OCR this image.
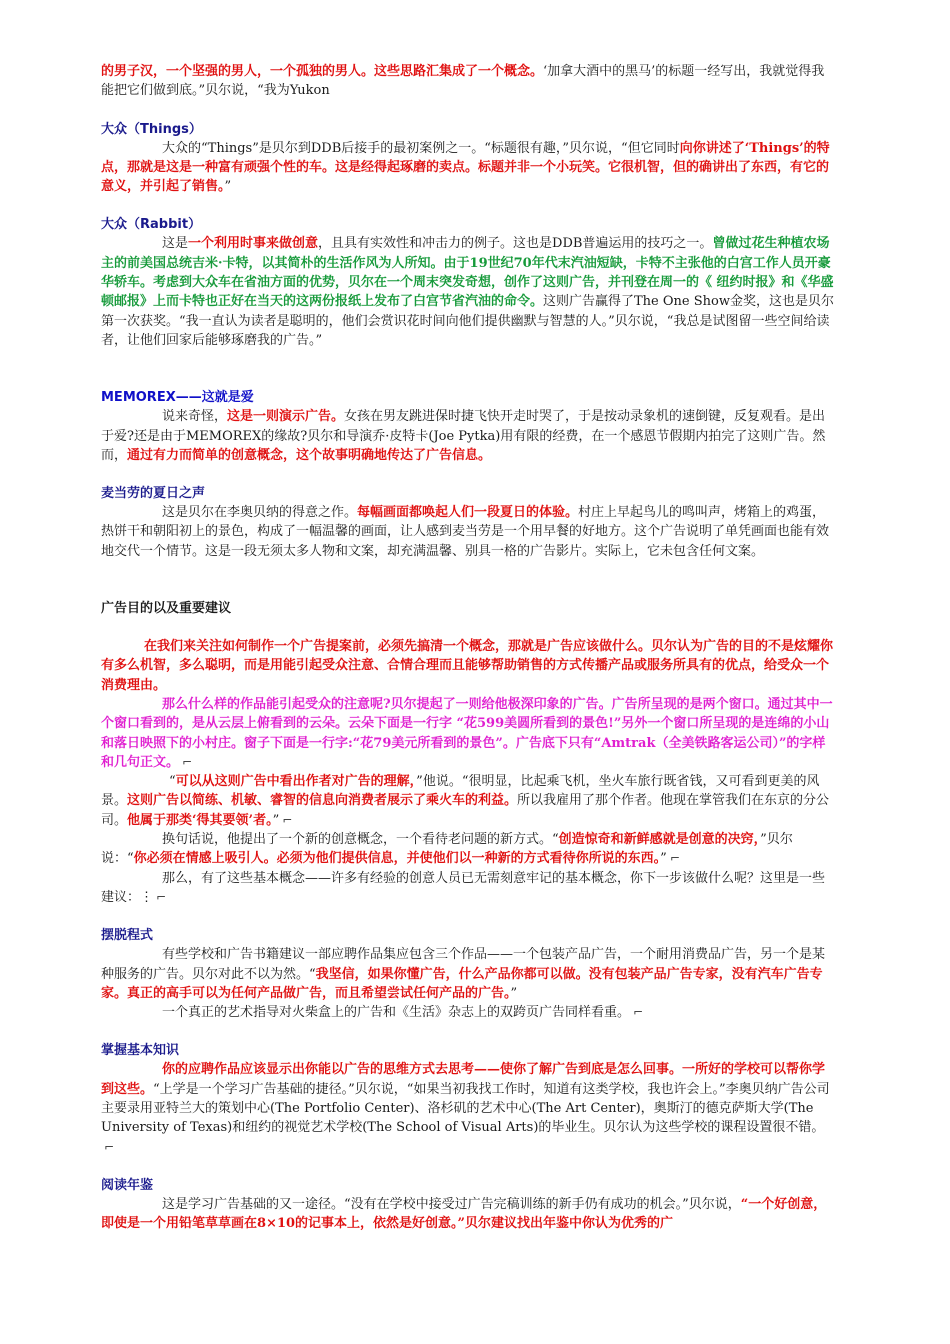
的男子汉，一个坚强的男人，一个孤独的男人。这些思路汇集成了一个概念。‘加拿大酒中的黑马’的标题一经写出，我就觉得我能把它们做到底。”贝尔说，“我为Yukon

大众（Things）

大众的“Things”是贝尔到DDB后接手的最初案例之一。“标题很有趣，”贝尔说，“但它同时向你讲述了‘Things’的特点，那就是这是一种富有顽强个性的车。这是经得起琢磨的卖点。标题并非一个小玩笑。它很机智，但的确讲出了东西，有它的意义，并引起了销售。”

大众（Rabbit）

这是一个利用时事来做创意，且具有实效性和冲击力的例子。这也是DDB普遍运用的技巧之一。曾做过花生种植农场主的前美国总统吉米·卡特，以其简朴的生活作风为人所知。由于19世纪70年代末汽油短缺，卡特不主张他的白宫工作人员开豪华轿车。考虑到大众车在省油方面的优势，贝尔在一个周末突发奇想，创作了这则广告，并刊登在周一的《 纽约时报》和《华盛顿邮报》上而卡特也正好在当天的这两份报纸上发布了白宫节省汽油的命令。这则广告赢得了The One Show金奖，这也是贝尔第一次获奖。“我一直认为读者是聪明的，他们会赏识花时间向他们提供幽默与智慧的人。”贝尔说，“我总是试图留一些空间给读者，让他们回家后能够琢磨我的广告。”

MEMOREX——这就是爱

说来奇怪，这是一则演示广告。女孩在男友跳进保时捷飞快开走时哭了，于是按动录象机的速倒键，反复观看。是出于爱?还是由于MEMOREX的缘故?贝尔和导演乔·皮特卡(Joe Pytka)用有限的经费，在一个感恩节假期内拍完了这则广告。然而，通过有力而简单的创意概念，这个故事明确地传达了广告信息。

麦当劳的夏日之声

这是贝尔在李奥贝纳的得意之作。每幅画面都唤起人们一段夏日的体验。村庄上早起鸟儿的鸣叫声，烤箱上的鸡蛋，热饼干和朝阳初上的景色，构成了一幅温馨的画面，让人感到麦当劳是一个用早餐的好地方。这个广告说明了单凭画面也能有效地交代一个情节。这是一段无须太多人物和文案，却充满温馨、别具一格的广告影片。实际上，它未包含任何文案。

广告目的以及重要建议

在我们来关注如何制作一个广告提案前，必须先搞清一个概念，那就是广告应该做什么。贝尔认为广告的目的不是炫耀你有多么机智，多么聪明，而是用能引起受众注意、合情合理而且能够帮助销售的方式传播产品或服务所具有的优点，给受众一个消费理由。

那么什么样的作品能引起受众的注意呢?贝尔提起了一则给他极深印象的广告。广告所呈现的是两个窗口。通过其中一个窗口看到的，是从云层上俯看到的云朵。云朵下面是一行字 “花599美圆所看到的景色!”另外一个窗口所呈现的是连绵的小山和落日映照下的小村庄。窗子下面是一行字:“花79美元所看到的景色”。广告底下只有“Amtrak（全美铁路客运公司）”的字样和几句正文。 ⌐

“可以从这则广告中看出作者对广告的理解，”他说。“很明显，比起乘飞机，坐火车旅行既省钱，又可看到更美的风景。这则广告以简练、机敏、睿智的信息向消费者展示了乘火车的利益。所以我雇用了那个作者。他现在掌管我们在东京的分公司。他属于那类‘得其要领’者。” ⌐

换句话说，他提出了一个新的创意概念，一个看待老问题的新方式。“创造惊奇和新鲜感就是创意的决窍，”贝尔说：“你必须在情感上吸引人。必须为他们提供信息，并使他们以一种新的方式看待你所说的东西。” ⌐

那么，有了这些基本概念——许多有经验的创意人员已无需刻意牢记的基本概念，你下一步该做什么呢？这里是一些建议：⋮ ⌐

摆脱程式

有些学校和广告书籍建议一部应聘作品集应包含三个作品——一个包装产品广告，一个耐用消费品广告，另一个是某种服务的广告。贝尔对此不以为然。“我坚信，如果你懂广告，什么产品你都可以做。没有包装产品广告专家，没有汽车广告专家。真正的高手可以为任何产品做广告，而且希望尝试任何产品的广告。”

一个真正的艺术指导对火柴盒上的广告和《生活》杂志上的双跨页广告同样看重。 ⌐

掌握基本知识

你的应聘作品应该显示出你能以广告的思维方式去思考——使你了解广告到底是怎么回事。一所好的学校可以帮你学到这些。“上学是一个学习广告基础的捷径。”贝尔说，“如果当初我找工作时，知道有这类学校，我也许会上。”李奥贝纳广告公司主要录用亚特兰大的策划中心(The Portfolio Center)、洛杉矶的艺术中心(The Art Center)，奥斯汀的德克萨斯大学(The University of Texas)和纽约的视觉艺术学校(The School of Visual Arts)的毕业生。贝尔认为这些学校的课程设置很不错。⌐

阅读年鉴

这是学习广告基础的又一途径。“没有在学校中接受过广告完稿训练的新手仍有成功的机会。”贝尔说，“一个好创意，即使是一个用铅笔草草画在8×10的记事本上，依然是好创意。”贝尔建议找出年鉴中你认为优秀的广
